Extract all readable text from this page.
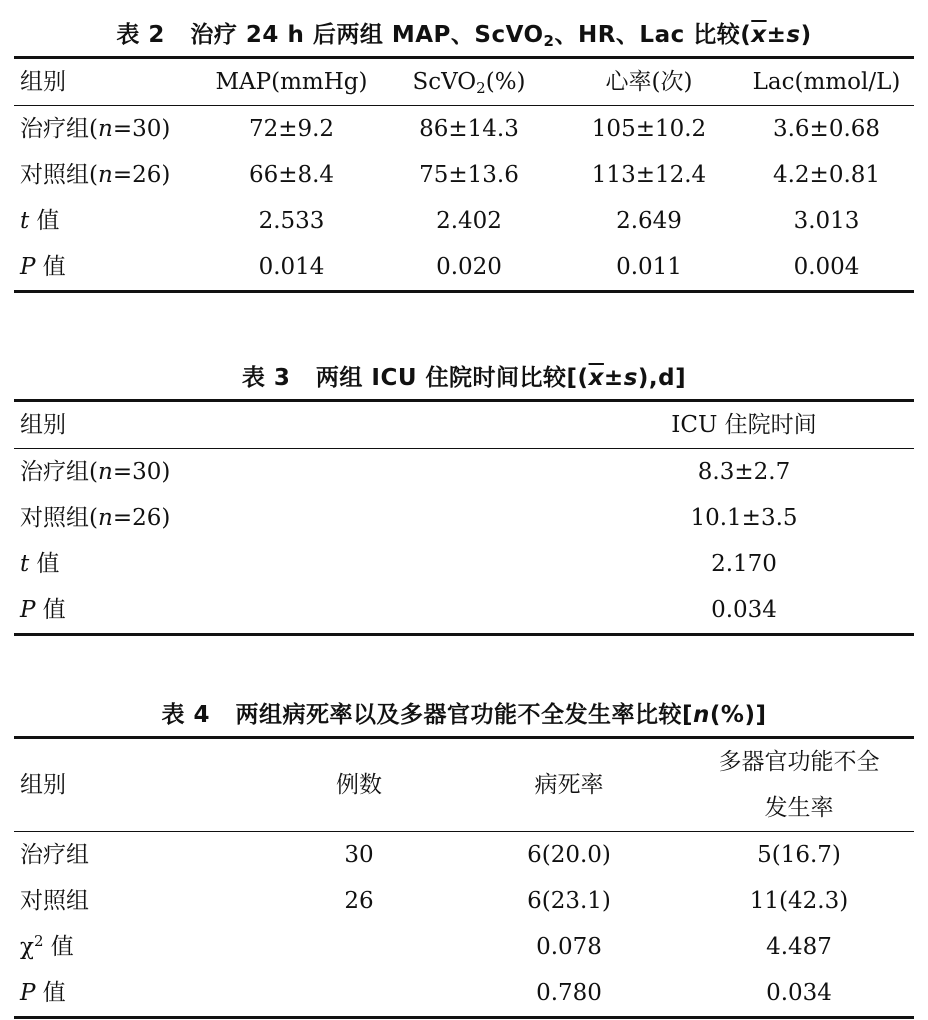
表 2 治疗 24 h 后两组 MAP、ScVO$_2$、HR、Lac 比较$(\overline{x}\pm s)$
组别	MAP(mmHg)	ScVO$_2$(%)	心率(次)	Lac(mmol/L)
治疗组(n=30)	72±9.2	86±14.3	105±10.2	3.6±0.68
对照组(n=26)	66±8.4	75±13.6	113±12.4	4.2±0.81
t 值	2.533	2.402	2.649	3.013
P 值	0.014	0.020	0.011	0.004
表 3 两组 ICU 住院时间比较$[(\overline{x}\pm s),d]$
组别	ICU 住院时间
治疗组(n=30)	8.3±2.7
对照组(n=26)	10.1±3.5
t 值	2.170
P 值	0.034
表 4 两组病死率以及多器官功能不全发生率比较[n(%)]
组别	例数	病死率	多器官功能不全
发生率
治疗组	30	6(20.0)	5(16.7)
对照组	26	6(23.1)	11(42.3)
$\chi^2$ 值		0.078	4.487
P 值		0.780	0.034
